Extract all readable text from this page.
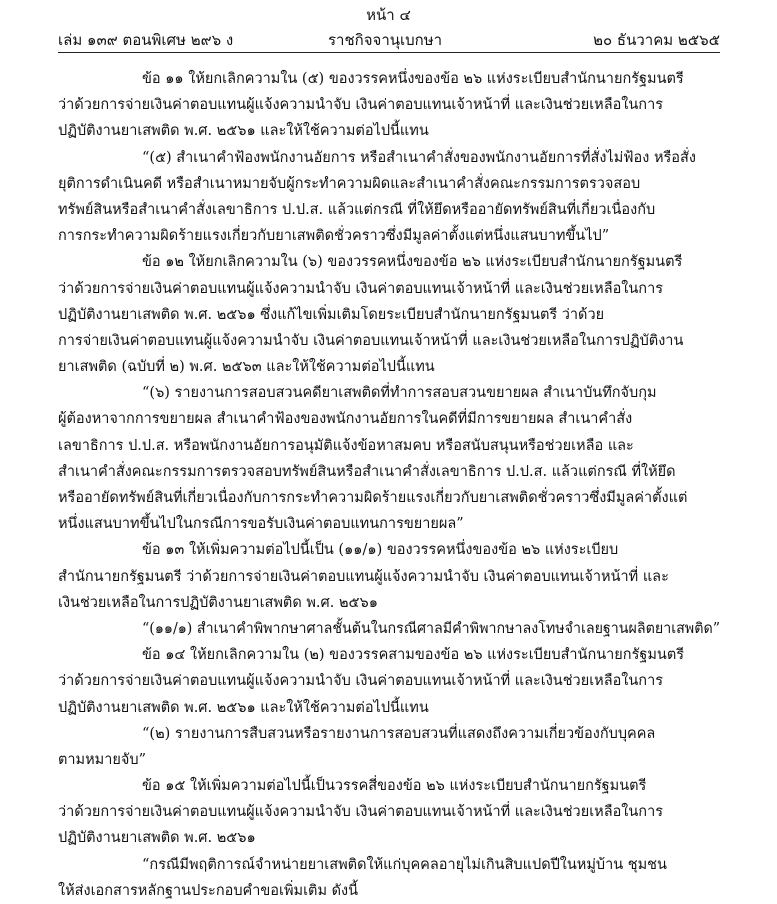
หน้า ๔
เล่ม ๑๓๙ ตอนพิเศษ ๒๙๖ ง	ราชกิจจานุเบกษา	๒๐ ธันวาคม ๒๕๖๕
ข้อ ๑๑ ให้ยกเลิกความใน (๕) ของวรรคหนึ่งของข้อ ๒๖ แห่งระเบียบสำนักนายกรัฐมนตรี
ว่าด้วยการจ่ายเงินค่าตอบแทนผู้แจ้งความนำจับ เงินค่าตอบแทนเจ้าหน้าที่ และเงินช่วยเหลือในการ
ปฏิบัติงานยาเสพติด พ.ศ. ๒๕๖๑ และให้ใช้ความต่อไปนี้แทน
“(๕) สำเนาคำฟ้องพนักงานอัยการ หรือสำเนาคำสั่งของพนักงานอัยการที่สั่งไม่ฟ้อง หรือสั่ง
ยุติการดำเนินคดี หรือสำเนาหมายจับผู้กระทำความผิดและสำเนาคำสั่งคณะกรรมการตรวจสอบ
ทรัพย์สินหรือสำเนาคำสั่งเลขาธิการ ป.ป.ส. แล้วแต่กรณี ที่ให้ยึดหรืออายัดทรัพย์สินที่เกี่ยวเนื่องกับ
การกระทำความผิดร้ายแรงเกี่ยวกับยาเสพติดชั่วคราวซึ่งมีมูลค่าตั้งแต่หนึ่งแสนบาทขึ้นไป”
ข้อ ๑๒ ให้ยกเลิกความใน (๖) ของวรรคหนึ่งของข้อ ๒๖ แห่งระเบียบสำนักนายกรัฐมนตรี
ว่าด้วยการจ่ายเงินค่าตอบแทนผู้แจ้งความนำจับ เงินค่าตอบแทนเจ้าหน้าที่ และเงินช่วยเหลือในการ
ปฏิบัติงานยาเสพติด พ.ศ. ๒๕๖๑ ซึ่งแก้ไขเพิ่มเติมโดยระเบียบสำนักนายกรัฐมนตรี ว่าด้วย
การจ่ายเงินค่าตอบแทนผู้แจ้งความนำจับ เงินค่าตอบแทนเจ้าหน้าที่ และเงินช่วยเหลือในการปฏิบัติงาน
ยาเสพติด (ฉบับที่ ๒) พ.ศ. ๒๕๖๓ และให้ใช้ความต่อไปนี้แทน
“(๖) รายงานการสอบสวนคดียาเสพติดที่ทำการสอบสวนขยายผล สำเนาบันทึกจับกุม
ผู้ต้องหาจากการขยายผล สำเนาคำฟ้องของพนักงานอัยการในคดีที่มีการขยายผล สำเนาคำสั่ง
เลขาธิการ ป.ป.ส. หรือพนักงานอัยการอนุมัติแจ้งข้อหาสมคบ หรือสนับสนุนหรือช่วยเหลือ และ
สำเนาคำสั่งคณะกรรมการตรวจสอบทรัพย์สินหรือสำเนาคำสั่งเลขาธิการ ป.ป.ส. แล้วแต่กรณี ที่ให้ยึด
หรืออายัดทรัพย์สินที่เกี่ยวเนื่องกับการกระทำความผิดร้ายแรงเกี่ยวกับยาเสพติดชั่วคราวซึ่งมีมูลค่าตั้งแต่
หนึ่งแสนบาทขึ้นไปในกรณีการขอรับเงินค่าตอบแทนการขยายผล”
ข้อ ๑๓ ให้เพิ่มความต่อไปนี้เป็น (๑๑/๑) ของวรรคหนึ่งของข้อ ๒๖ แห่งระเบียบ
สำนักนายกรัฐมนตรี ว่าด้วยการจ่ายเงินค่าตอบแทนผู้แจ้งความนำจับ เงินค่าตอบแทนเจ้าหน้าที่ และ
เงินช่วยเหลือในการปฏิบัติงานยาเสพติด พ.ศ. ๒๕๖๑
“(๑๑/๑) สำเนาคำพิพากษาศาลชั้นต้นในกรณีศาลมีคำพิพากษาลงโทษจำเลยฐานผลิตยาเสพติด”
ข้อ ๑๔ ให้ยกเลิกความใน (๒) ของวรรคสามของข้อ ๒๖ แห่งระเบียบสำนักนายกรัฐมนตรี
ว่าด้วยการจ่ายเงินค่าตอบแทนผู้แจ้งความนำจับ เงินค่าตอบแทนเจ้าหน้าที่ และเงินช่วยเหลือในการ
ปฏิบัติงานยาเสพติด พ.ศ. ๒๕๖๑ และให้ใช้ความต่อไปนี้แทน
“(๒) รายงานการสืบสวนหรือรายงานการสอบสวนที่แสดงถึงความเกี่ยวข้องกับบุคคล
ตามหมายจับ”
ข้อ ๑๕ ให้เพิ่มความต่อไปนี้เป็นวรรคสี่ของข้อ ๒๖ แห่งระเบียบสำนักนายกรัฐมนตรี
ว่าด้วยการจ่ายเงินค่าตอบแทนผู้แจ้งความนำจับ เงินค่าตอบแทนเจ้าหน้าที่ และเงินช่วยเหลือในการ
ปฏิบัติงานยาเสพติด พ.ศ. ๒๕๖๑
“กรณีมีพฤติการณ์จำหน่ายยาเสพติดให้แก่บุคคลอายุไม่เกินสิบแปดปีในหมู่บ้าน ชุมชน
ให้ส่งเอกสารหลักฐานประกอบคำขอเพิ่มเติม ดังนี้
